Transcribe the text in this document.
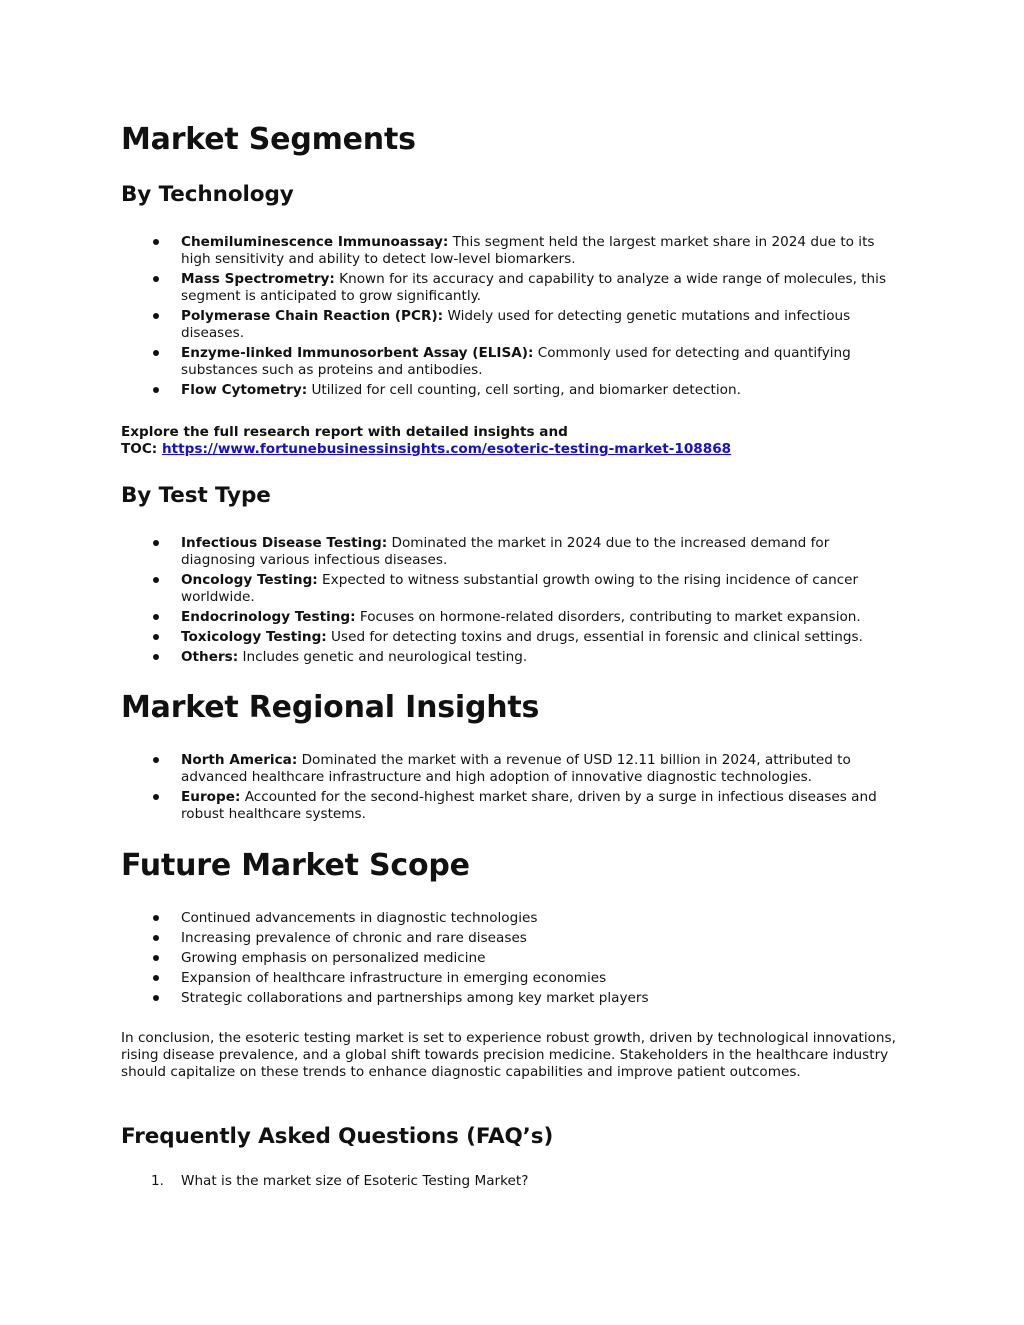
Market Segments
By Technology
Chemiluminescence Immunoassay: This segment held the largest market share in 2024 due to its high sensitivity and ability to detect low-level biomarkers.
Mass Spectrometry: Known for its accuracy and capability to analyze a wide range of molecules, this segment is anticipated to grow significantly.
Polymerase Chain Reaction (PCR): Widely used for detecting genetic mutations and infectious diseases.
Enzyme-linked Immunosorbent Assay (ELISA): Commonly used for detecting and quantifying substances such as proteins and antibodies.
Flow Cytometry: Utilized for cell counting, cell sorting, and biomarker detection.

Explore the full research report with detailed insights and
TOC: https://www.fortunebusinessinsights.com/esoteric-testing-market-108868

By Test Type
Infectious Disease Testing: Dominated the market in 2024 due to the increased demand for diagnosing various infectious diseases.
Oncology Testing: Expected to witness substantial growth owing to the rising incidence of cancer worldwide.
Endocrinology Testing: Focuses on hormone-related disorders, contributing to market expansion.
Toxicology Testing: Used for detecting toxins and drugs, essential in forensic and clinical settings.
Others: Includes genetic and neurological testing.
Market Regional Insights
North America: Dominated the market with a revenue of USD 12.11 billion in 2024, attributed to advanced healthcare infrastructure and high adoption of innovative diagnostic technologies.
Europe: Accounted for the second-highest market share, driven by a surge in infectious diseases and robust healthcare systems.
Future Market Scope
Continued advancements in diagnostic technologies
Increasing prevalence of chronic and rare diseases
Growing emphasis on personalized medicine
Expansion of healthcare infrastructure in emerging economies
Strategic collaborations and partnerships among key market players

In conclusion, the esoteric testing market is set to experience robust growth, driven by technological innovations, rising disease prevalence, and a global shift towards precision medicine. Stakeholders in the healthcare industry should capitalize on these trends to enhance diagnostic capabilities and improve patient outcomes.

Frequently Asked Questions (FAQ’s)
1. What is the market size of Esoteric Testing Market?
